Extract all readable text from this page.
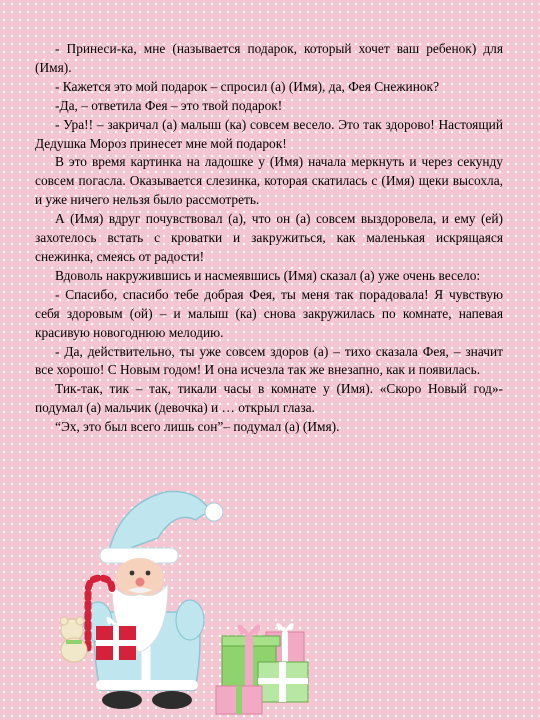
- Принеси-ка, мне (называется подарок, который хочет ваш ребенок) для (Имя).

- Кажется это мой подарок – спросил (а) (Имя), да, Фея Снежинок?

-Да, – ответила Фея – это твой подарок!

- Ура!! – закричал (а) малыш (ка) совсем весело. Это так здорово! Настоящий Дедушка Мороз принесет мне мой подарок!

В это время картинка на ладошке у (Имя) начала меркнуть и через секунду совсем погасла. Оказывается слезинка, которая скатилась с (Имя) щеки высохла, и уже ничего нельзя было рассмотреть.

А (Имя) вдруг почувствовал (а), что он (а) совсем выздоровела, и ему (ей) захотелось встать с кроватки и закружиться, как маленькая искрящаяся снежинка, смеясь от радости!

Вдоволь накружившись и насмеявшись (Имя) сказал (а) уже очень весело:

- Спасибо, спасибо тебе добрая Фея, ты меня так порадовала! Я чувствую себя здоровым (ой) – и малыш (ка) снова закружилась по комнате, напевая красивую новогоднюю мелодию.

- Да, действительно, ты уже совсем здоров (а) – тихо сказала Фея, – значит все хорошо! С Новым годом! И она исчезла так же внезапно, как и появилась.

Тик-так, тик – так, тикали часы в комнате у (Имя). «Скоро Новый год»- подумал (а) мальчик (девочка) и … открыл глаза.

“Эх, это был всего лишь сон”– подумал (а) (Имя).
